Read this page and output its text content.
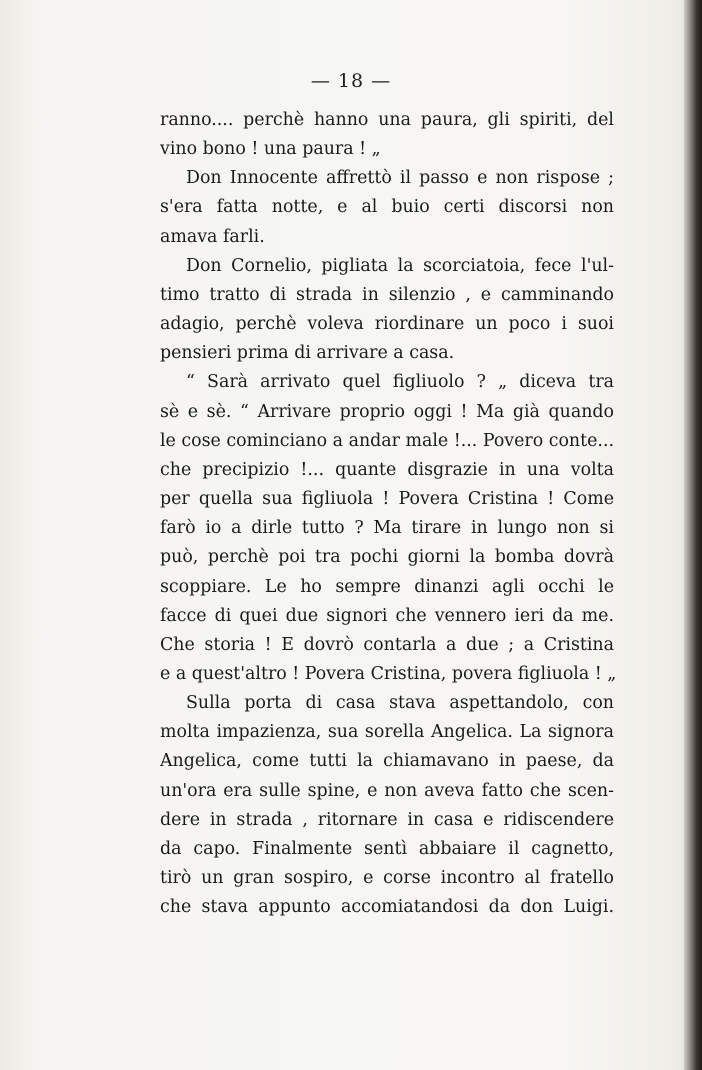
— 18 —
ranno.... perchè hanno una paura, gli spiriti, del
vino bono ! una paura ! „
Don Innocente affrettò il passo e non rispose ;
s'era fatta notte, e al buio certi discorsi non
amava farli.
Don Cornelio, pigliata la scorciatoia, fece l'ul-
timo tratto di strada in silenzio , e camminando
adagio, perchè voleva riordinare un poco i suoi
pensieri prima di arrivare a casa.
“ Sarà arrivato quel figliuolo ? „ diceva tra
sè e sè. “ Arrivare proprio oggi ! Ma già quando
le cose cominciano a andar male !... Povero conte...
che precipizio !... quante disgrazie in una volta
per quella sua figliuola ! Povera Cristina ! Come
farò io a dirle tutto ? Ma tirare in lungo non si
può, perchè poi tra pochi giorni la bomba dovrà
scoppiare. Le ho sempre dinanzi agli occhi le
facce di quei due signori che vennero ieri da me.
Che storia ! E dovrò contarla a due ; a Cristina
e a quest'altro ! Povera Cristina, povera figliuola ! „
Sulla porta di casa stava aspettandolo, con
molta impazienza, sua sorella Angelica. La signora
Angelica, come tutti la chiamavano in paese, da
un'ora era sulle spine, e non aveva fatto che scen-
dere in strada , ritornare in casa e ridiscendere
da capo. Finalmente sentì abbaiare il cagnetto,
tirò un gran sospiro, e corse incontro al fratello
che stava appunto accomiatandosi da don Luigi.
